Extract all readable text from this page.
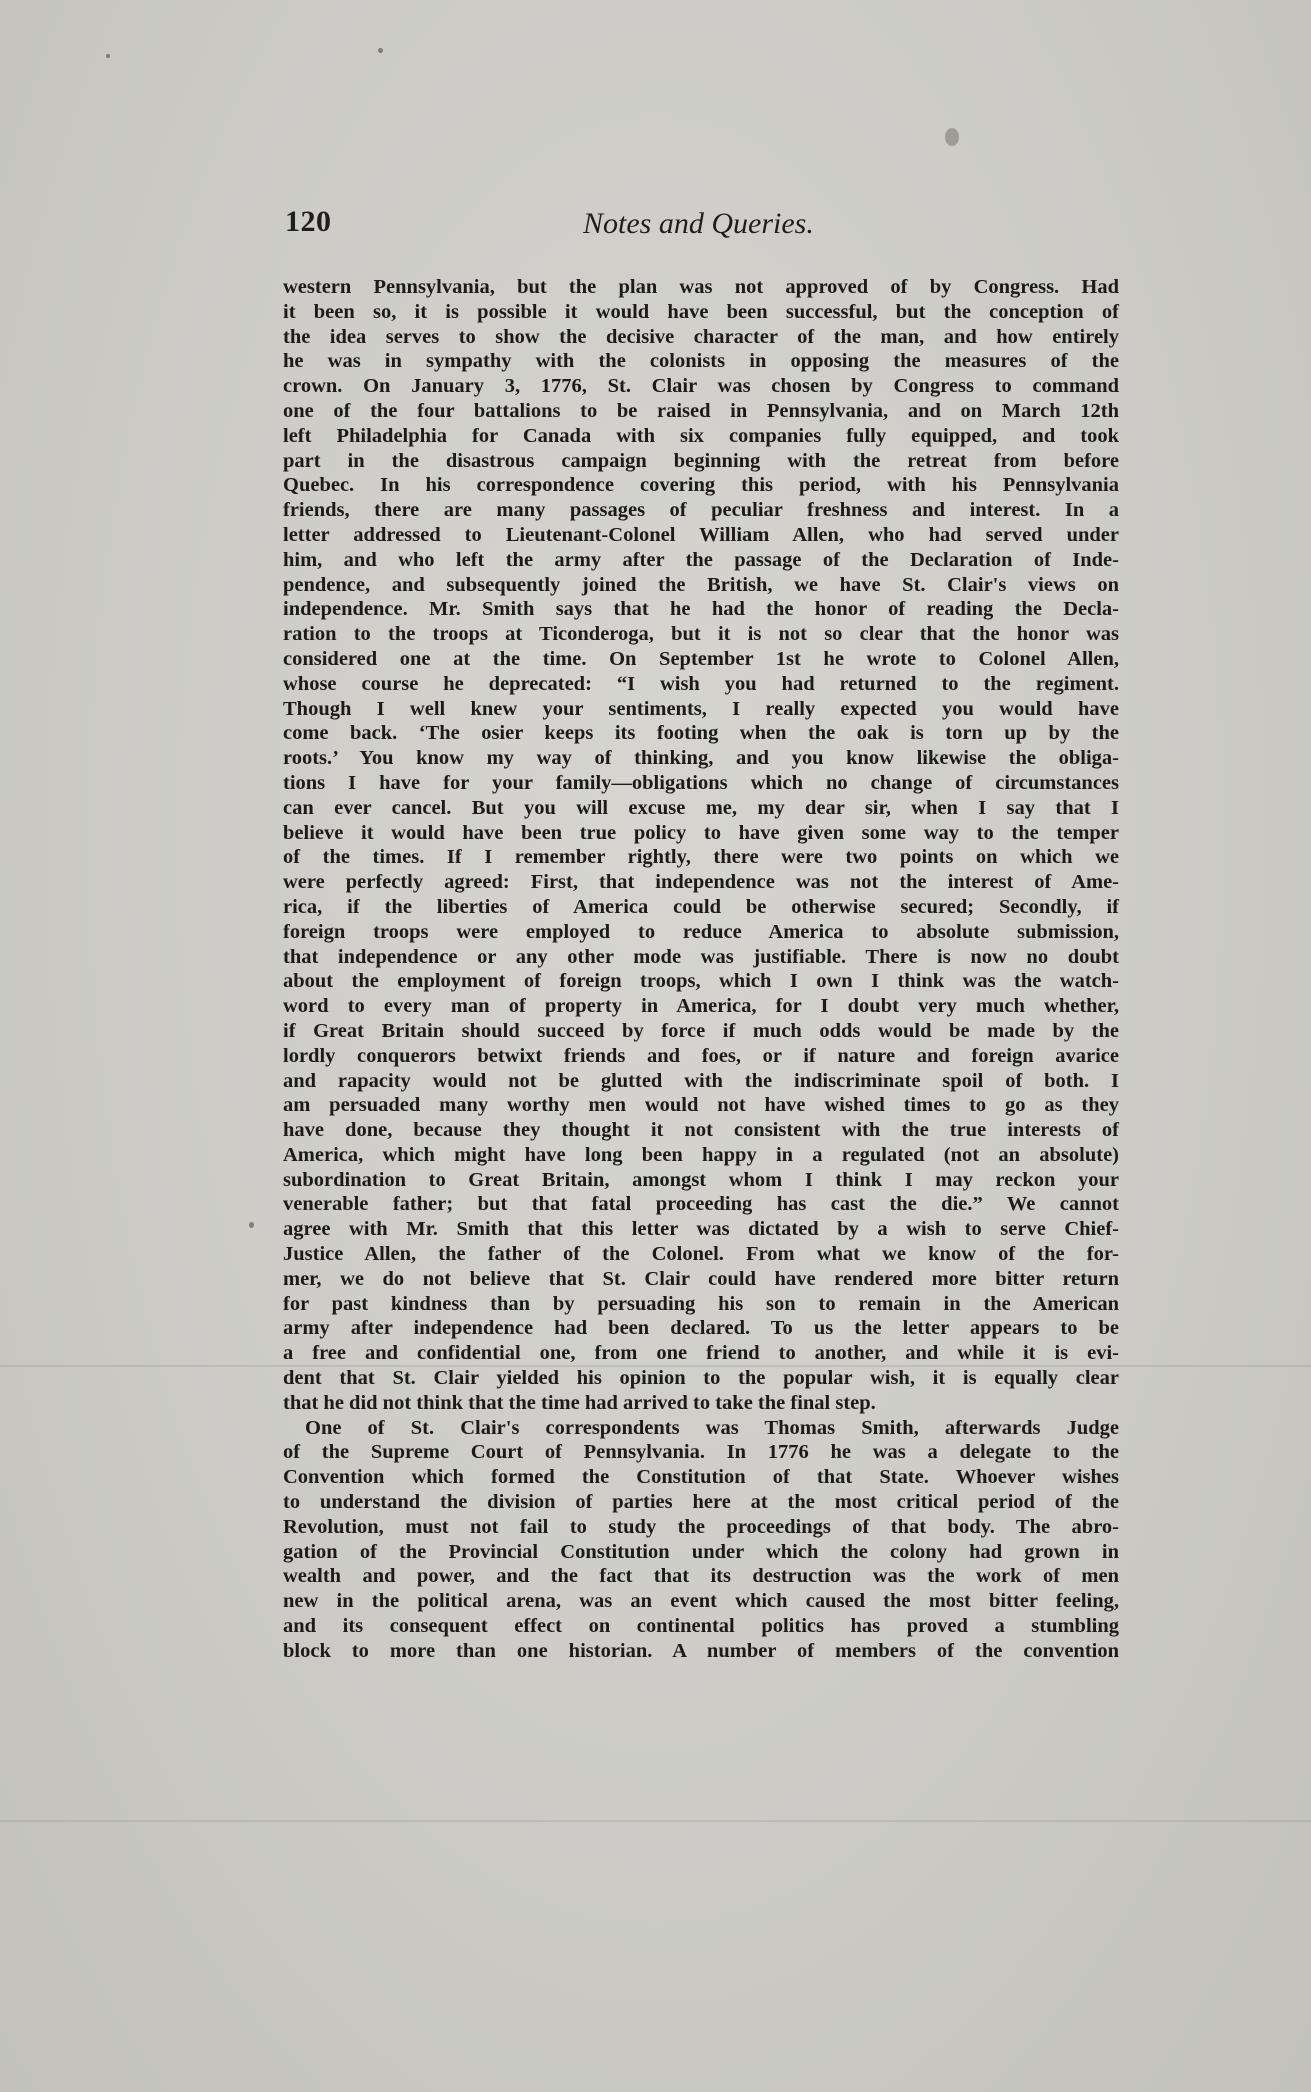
120	Notes and Queries.

western Pennsylvania, but the plan was not approved of by Congress. Had

it been so, it is possible it would have been successful, but the conception of

the idea serves to show the decisive character of the man, and how entirely

he was in sympathy with the colonists in opposing the measures of the

crown. On January 3, 1776, St. Clair was chosen by Congress to command

one of the four battalions to be raised in Pennsylvania, and on March 12th

left Philadelphia for Canada with six companies fully equipped, and took

part in the disastrous campaign beginning with the retreat from before

Quebec. In his correspondence covering this period, with his Pennsylvania

friends, there are many passages of peculiar freshness and interest. In a

letter addressed to Lieutenant-Colonel William Allen, who had served under

him, and who left the army after the passage of the Declaration of Inde-

pendence, and subsequently joined the British, we have St. Clair's views on

independence. Mr. Smith says that he had the honor of reading the Decla-

ration to the troops at Ticonderoga, but it is not so clear that the honor was

considered one at the time. On September 1st he wrote to Colonel Allen,

whose course he deprecated: “I wish you had returned to the regiment.

Though I well knew your sentiments, I really expected you would have

come back. ‘The osier keeps its footing when the oak is torn up by the

roots.’ You know my way of thinking, and you know likewise the obliga-

tions I have for your family—obligations which no change of circumstances

can ever cancel. But you will excuse me, my dear sir, when I say that I

believe it would have been true policy to have given some way to the temper

of the times. If I remember rightly, there were two points on which we

were perfectly agreed: First, that independence was not the interest of Ame-

rica, if the liberties of America could be otherwise secured; Secondly, if

foreign troops were employed to reduce America to absolute submission,

that independence or any other mode was justifiable. There is now no doubt

about the employment of foreign troops, which I own I think was the watch-

word to every man of property in America, for I doubt very much whether,

if Great Britain should succeed by force if much odds would be made by the

lordly conquerors betwixt friends and foes, or if nature and foreign avarice

and rapacity would not be glutted with the indiscriminate spoil of both. I

am persuaded many worthy men would not have wished times to go as they

have done, because they thought it not consistent with the true interests of

America, which might have long been happy in a regulated (not an absolute)

subordination to Great Britain, amongst whom I think I may reckon your

venerable father; but that fatal proceeding has cast the die.” We cannot

agree with Mr. Smith that this letter was dictated by a wish to serve Chief-

Justice Allen, the father of the Colonel. From what we know of the for-

mer, we do not believe that St. Clair could have rendered more bitter return

for past kindness than by persuading his son to remain in the American

army after independence had been declared. To us the letter appears to be

a free and confidential one, from one friend to another, and while it is evi-

dent that St. Clair yielded his opinion to the popular wish, it is equally clear

that he did not think that the time had arrived to take the final step.

One of St. Clair's correspondents was Thomas Smith, afterwards Judge

of the Supreme Court of Pennsylvania. In 1776 he was a delegate to the

Convention which formed the Constitution of that State. Whoever wishes

to understand the division of parties here at the most critical period of the

Revolution, must not fail to study the proceedings of that body. The abro-

gation of the Provincial Constitution under which the colony had grown in

wealth and power, and the fact that its destruction was the work of men

new in the political arena, was an event which caused the most bitter feeling,

and its consequent effect on continental politics has proved a stumbling

block to more than one historian. A number of members of the convention
